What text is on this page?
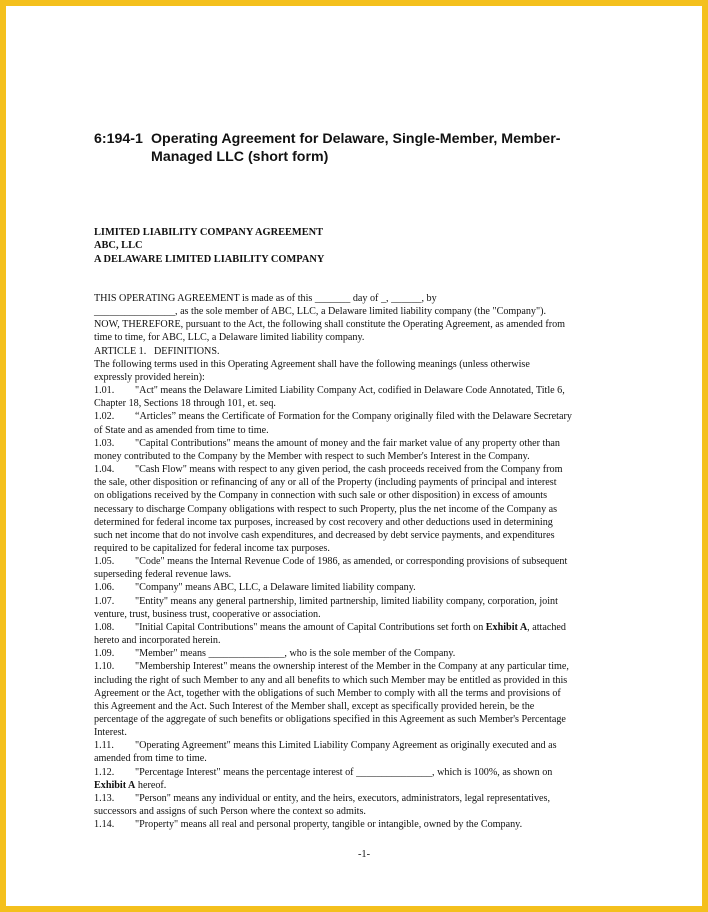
6:194-1 Operating Agreement for Delaware, Single-Member, Member-
Managed LLC (short form)
LIMITED LIABILITY COMPANY AGREEMENT
ABC, LLC
A DELAWARE LIMITED LIABILITY COMPANY

THIS OPERATING AGREEMENT is made as of this _______ day of _, ______, by

________________, as the sole member of ABC, LLC, a Delaware limited liability company (the "Company").

NOW, THEREFORE, pursuant to the Act, the following shall constitute the Operating Agreement, as amended from

time to time, for ABC, LLC, a Delaware limited liability company.

ARTICLE 1. DEFINITIONS.

The following terms used in this Operating Agreement shall have the following meanings (unless otherwise

expressly provided herein):

1.01. "Act" means the Delaware Limited Liability Company Act, codified in Delaware Code Annotated, Title 6,

Chapter 18, Sections 18 through 101, et. seq.

1.02. “Articles” means the Certificate of Formation for the Company originally filed with the Delaware Secretary

of State and as amended from time to time.

1.03. "Capital Contributions" means the amount of money and the fair market value of any property other than

money contributed to the Company by the Member with respect to such Member's Interest in the Company.

1.04. "Cash Flow" means with respect to any given period, the cash proceeds received from the Company from

the sale, other disposition or refinancing of any or all of the Property (including payments of principal and interest

on obligations received by the Company in connection with such sale or other disposition) in excess of amounts

necessary to discharge Company obligations with respect to such Property, plus the net income of the Company as

determined for federal income tax purposes, increased by cost recovery and other deductions used in determining

such net income that do not involve cash expenditures, and decreased by debt service payments, and expenditures

required to be capitalized for federal income tax purposes.

1.05. "Code" means the Internal Revenue Code of 1986, as amended, or corresponding provisions of subsequent

superseding federal revenue laws.

1.06. "Company" means ABC, LLC, a Delaware limited liability company.

1.07. "Entity" means any general partnership, limited partnership, limited liability company, corporation, joint

venture, trust, business trust, cooperative or association.

1.08. "Initial Capital Contributions" means the amount of Capital Contributions set forth on Exhibit A, attached

hereto and incorporated herein.

1.09. "Member" means _______________, who is the sole member of the Company.

1.10. "Membership Interest" means the ownership interest of the Member in the Company at any particular time,

including the right of such Member to any and all benefits to which such Member may be entitled as provided in this

Agreement or the Act, together with the obligations of such Member to comply with all the terms and provisions of

this Agreement and the Act. Such Interest of the Member shall, except as specifically provided herein, be the

percentage of the aggregate of such benefits or obligations specified in this Agreement as such Member's Percentage

Interest.

1.11. "Operating Agreement" means this Limited Liability Company Agreement as originally executed and as

amended from time to time.

1.12. "Percentage Interest" means the percentage interest of _______________, which is 100%, as shown on

Exhibit A hereof.

1.13. "Person" means any individual or entity, and the heirs, executors, administrators, legal representatives,

successors and assigns of such Person where the context so admits.

1.14. "Property" means all real and personal property, tangible or intangible, owned by the Company.

-1-
